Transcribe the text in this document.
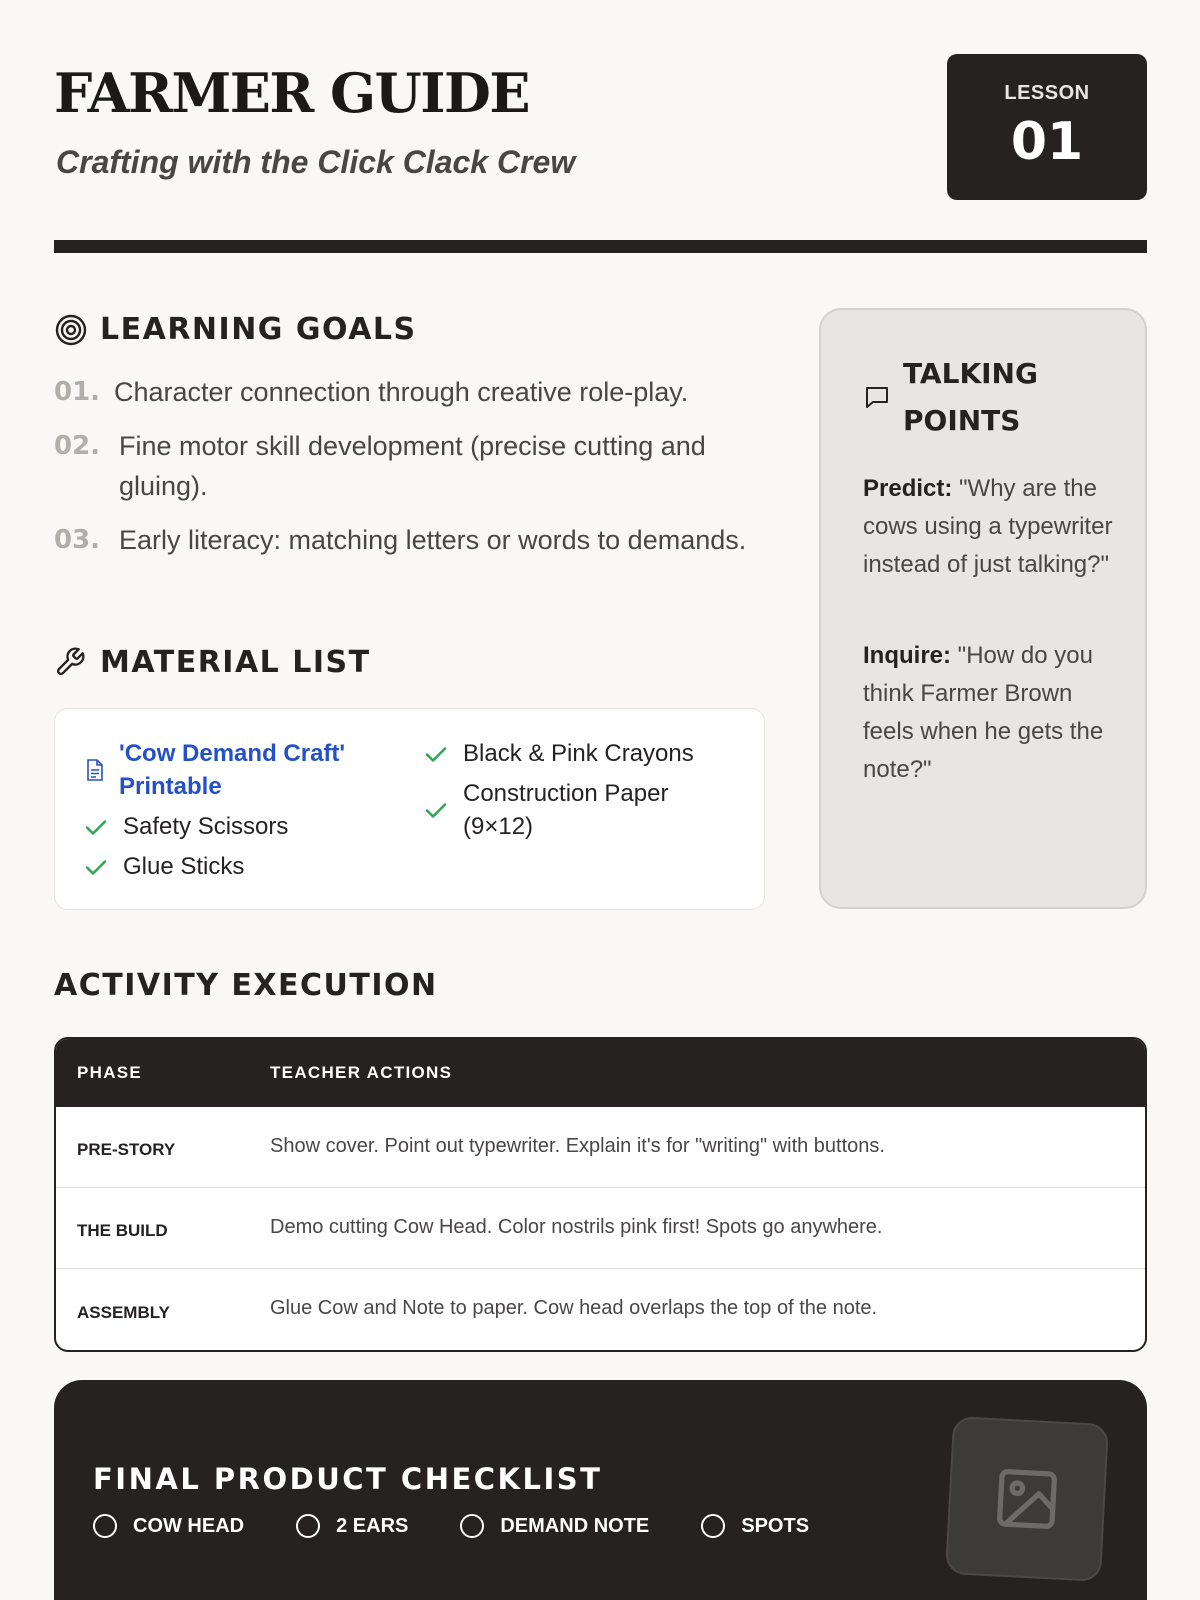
FARMER GUIDE
Crafting with the Click Clack Crew
LESSON
01
LEARNING GOALS
01. Character connection through creative role-play.
02. Fine motor skill development (precise cutting and gluing).
03. Early literacy: matching letters or words to demands.
MATERIAL LIST
'Cow Demand Craft' Printable
Safety Scissors
Glue Sticks
Black & Pink Crayons
Construction Paper (9×12)
TALKING POINTS

Predict: "Why are the cows using a typewriter instead of just talking?"

Inquire: "How do you think Farmer Brown feels when he gets the note?"

ACTIVITY EXECUTION
PHASE	TEACHER ACTIONS
PRE-STORY	Show cover. Point out typewriter. Explain it's for "writing" with buttons.
THE BUILD	Demo cutting Cow Head. Color nostrils pink first! Spots go anywhere.
ASSEMBLY	Glue Cow and Note to paper. Cow head overlaps the top of the note.
FINAL PRODUCT CHECKLIST
COW HEAD	2 EARS	DEMAND NOTE	SPOTS
